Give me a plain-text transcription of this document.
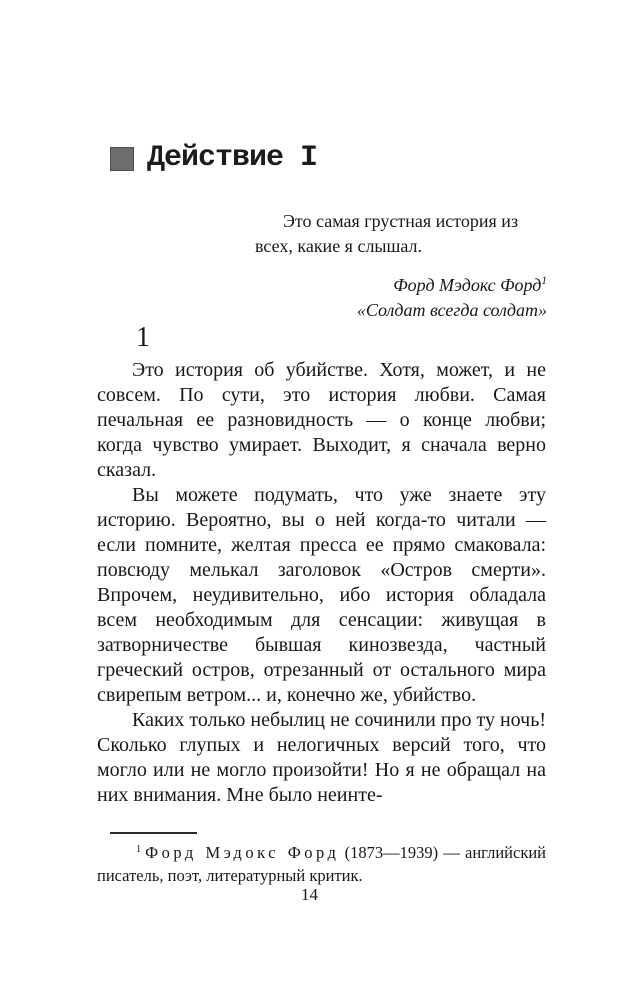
Действие I

Это самая грустная история из всех, какие я слышал.

Форд Мэдокс Форд$^1$
«Солдат всегда солдат»

1

Это история об убийстве. Хотя, может, и не совсем. По сути, это история любви. Самая печальная ее разновидность — о конце любви; когда чувство умирает. Выходит, я сначала верно сказал.

Вы можете подумать, что уже знаете эту историю. Вероятно, вы о ней когда-то читали — если помните, желтая пресса ее прямо смаковала: повсюду мелькал заголовок «Остров смерти». Впрочем, неудивительно, ибо история обладала всем необходимым для сенсации: живущая в затворничестве бывшая кинозвезда, частный греческий остров, отрезанный от остального мира свирепым ветром... и, конечно же, убийство.

Каких только небылиц не сочинили про ту ночь! Сколько глупых и нелогичных версий того, что могло или не могло произойти! Но я не обращал на них внимания. Мне было неинте-

$^1$ Форд Мэдокс Форд (1873—1939) — английский писатель, поэт, литературный критик.
14
